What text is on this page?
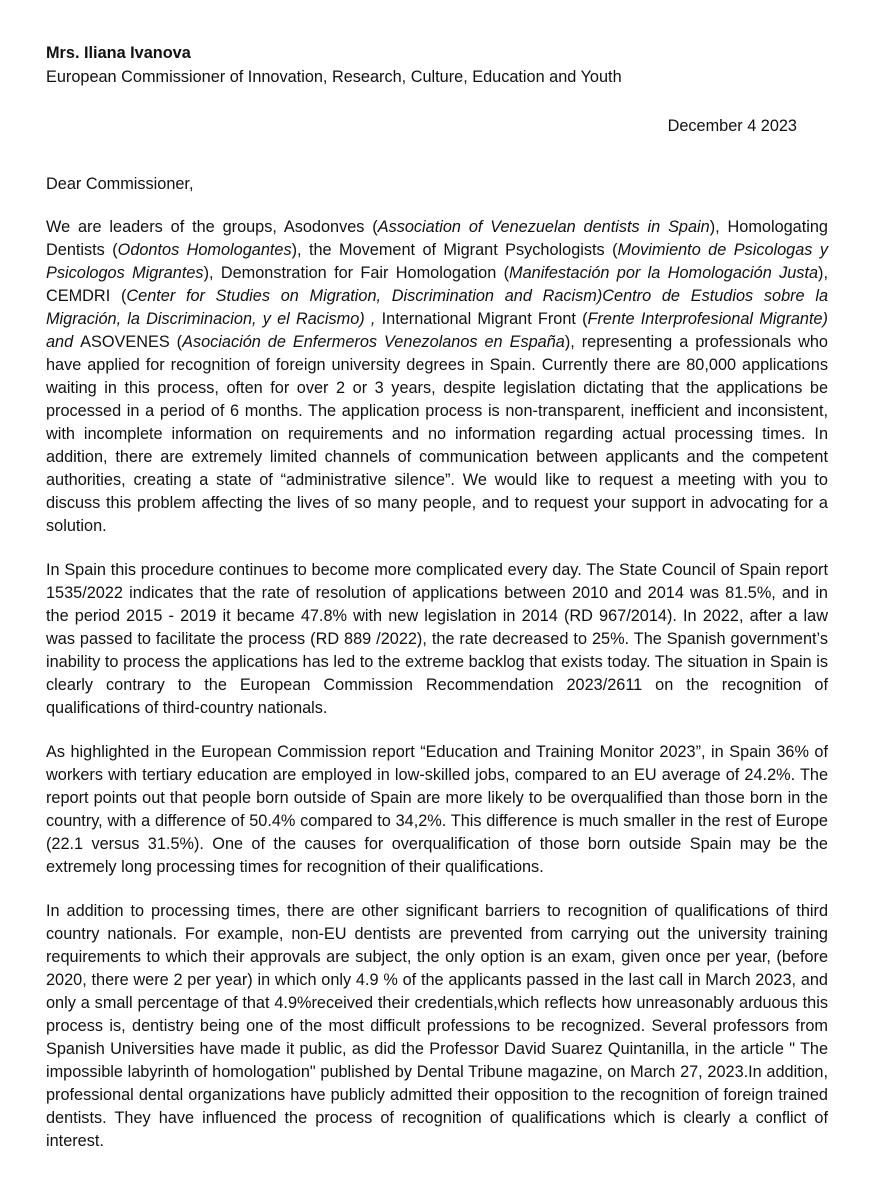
Mrs. Iliana Ivanova
European Commissioner of Innovation, Research, Culture, Education and Youth
December 4 2023
Dear Commissioner,

We are leaders of the groups, Asodonves (Association of Venezuelan dentists in Spain), Homologating Dentists (Odontos Homologantes), the Movement of Migrant Psychologists (Movimiento de Psicologas y Psicologos Migrantes), Demonstration for Fair Homologation (Manifestación por la Homologación Justa), CEMDRI (Center for Studies on Migration, Discrimination and Racism)Centro de Estudios sobre la Migración, la Discriminacion, y el Racismo) , International Migrant Front (Frente Interprofesional Migrante) and ASOVENES (Asociación de Enfermeros Venezolanos en España), representing a professionals who have applied for recognition of foreign university degrees in Spain. Currently there are 80,000 applications waiting in this process, often for over 2 or 3 years, despite legislation dictating that the applications be processed in a period of 6 months. The application process is non-transparent, inefficient and inconsistent, with incomplete information on requirements and no information regarding actual processing times. In addition, there are extremely limited channels of communication between applicants and the competent authorities, creating a state of “administrative silence”. We would like to request a meeting with you to discuss this problem affecting the lives of so many people, and to request your support in advocating for a solution.

In Spain this procedure continues to become more complicated every day. The State Council of Spain report 1535/2022 indicates that the rate of resolution of applications between 2010 and 2014 was 81.5%, and in the period 2015 - 2019 it became 47.8% with new legislation in 2014 (RD 967/2014). In 2022, after a law was passed to facilitate the process (RD 889 /2022), the rate decreased to 25%. The Spanish government’s inability to process the applications has led to the extreme backlog that exists today. The situation in Spain is clearly contrary to the European Commission Recommendation 2023/2611 on the recognition of qualifications of third-country nationals.

As highlighted in the European Commission report “Education and Training Monitor 2023”, in Spain 36% of workers with tertiary education are employed in low-skilled jobs, compared to an EU average of 24.2%. The report points out that people born outside of Spain are more likely to be overqualified than those born in the country, with a difference of 50.4% compared to 34,2%. This difference is much smaller in the rest of Europe (22.1 versus 31.5%). One of the causes for overqualification of those born outside Spain may be the extremely long processing times for recognition of their qualifications.

In addition to processing times, there are other significant barriers to recognition of qualifications of third country nationals. For example, non-EU dentists are prevented from carrying out the university training requirements to which their approvals are subject, the only option is an exam, given once per year, (before 2020, there were 2 per year) in which only 4.9 % of the applicants passed in the last call in March 2023, and only a small percentage of that 4.9%received their credentials,which reflects how unreasonably arduous this process is, dentistry being one of the most difficult professions to be recognized. Several professors from Spanish Universities have made it public, as did the Professor David Suarez Quintanilla, in the article " The impossible labyrinth of homologation" published by Dental Tribune magazine, on March 27, 2023.In addition, professional dental organizations have publicly admitted their opposition to the recognition of foreign trained dentists. They have influenced the process of recognition of qualifications which is clearly a conflict of interest.
